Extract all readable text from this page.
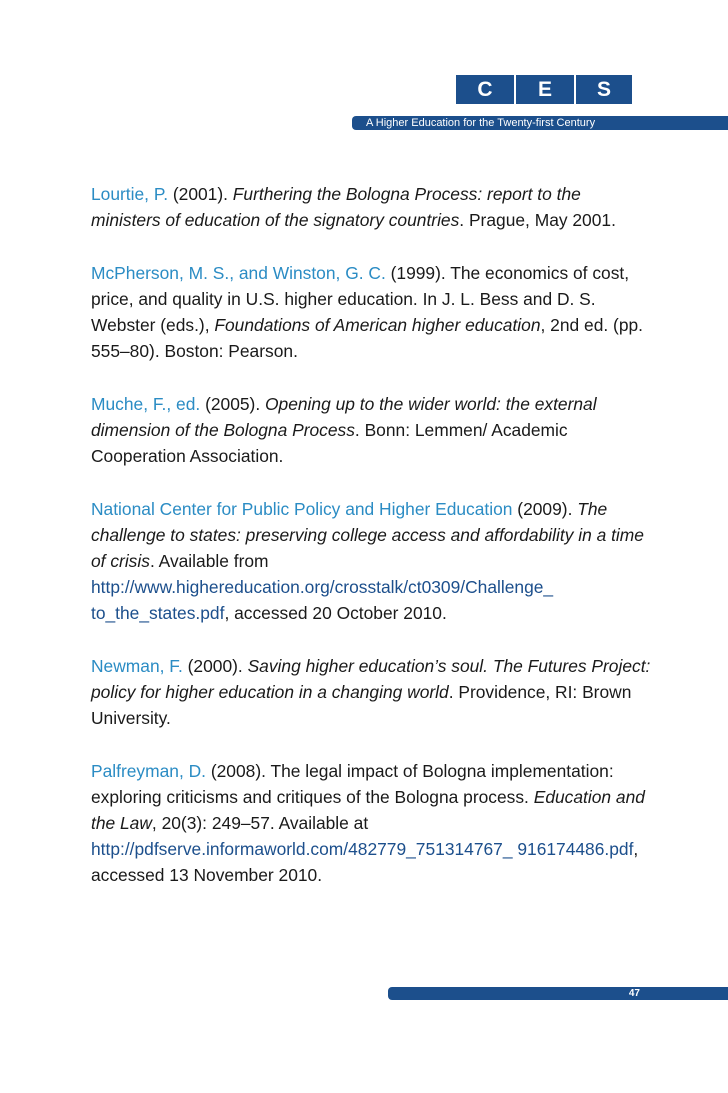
C	E	S
A Higher Education for the Twenty-first Century

Lourtie, P. (2001). Furthering the Bologna Process: report to the ministers of education of the signatory countries. Prague, May 2001.

McPherson, M. S., and Winston, G. C. (1999). The economics of cost, price, and quality in U.S. higher education. In J. L. Bess and D. S. Webster (eds.), Foundations of American higher education, 2nd ed. (pp. 555–80). Boston: Pearson.

Muche, F., ed. (2005). Opening up to the wider world: the external dimension of the Bologna Process. Bonn: Lemmen/ Academic Cooperation Association.

National Center for Public Policy and Higher Education (2009). The challenge to states: preserving college access and affordability in a time of crisis. Available from http://www.highereducation.org/crosstalk/ct0309/Challenge_ to_the_states.pdf, accessed 20 October 2010.

Newman, F. (2000). Saving higher education’s soul. The Futures Project: policy for higher education in a changing world. Providence, RI: Brown University.

Palfreyman, D. (2008). The legal impact of Bologna implementation: exploring criticisms and critiques of the Bologna process. Education and the Law, 20(3): 249–57. Available at http://pdfserve.informaworld.com/482779_751314767_ 916174486.pdf, accessed 13 November 2010.

47
